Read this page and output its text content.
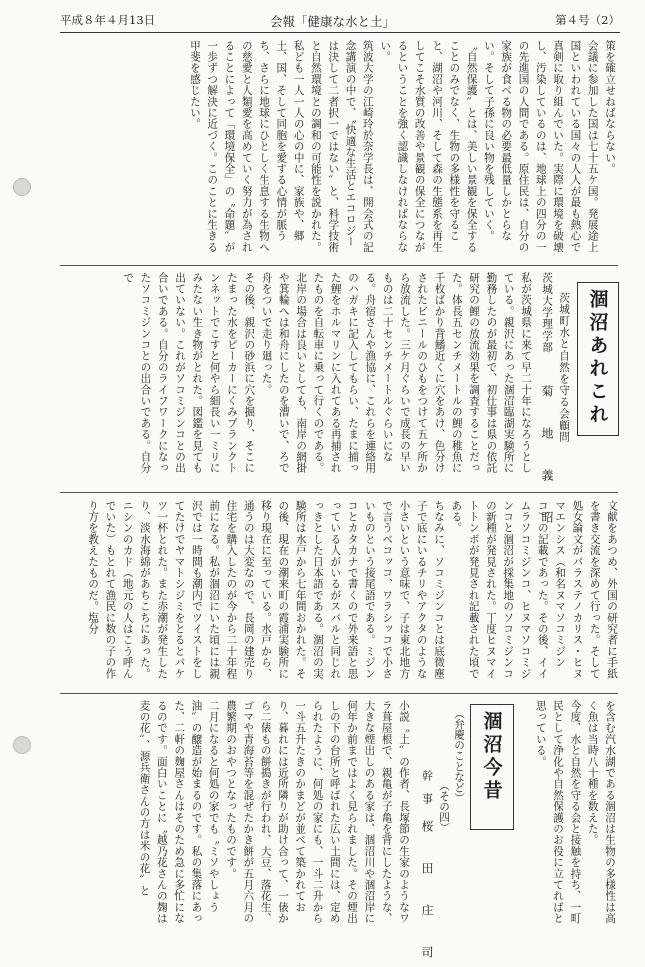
平成８年４月13日	会報「健康な水と土」	第４号（2）

策を確立せねばならない。

会議に参加した国は七十五ケ国。発展途上国といわれている国々の人人が最も熱心で真剣に取り組んでいた。実際に環境を破壊し、汚染しているのは、地球上の四分の一の先進国の人間である。原住民は、自分の家族が食べる物の必要最低量しかとらない。そして子孫に良い物を残していく。

〝自然保護〟とは、美しい景観を保全することのみでなく、生物の多様性を守ること、湖沼や河川、そして森の生態系を再生してこそ水質の改善や景観の保全につながるということを強く認識しなければならない。

筑波大学の江崎玲於奈学長は、開会式の記念講演の中で、〝快適な生活とエコロジーは決して二者択一ではない〟と、科学技術と自然環境との調和の可能性を説かれた。

私ども一人一人の心の中に、家族や、郷土、国、そして同胞を愛する心情が脈うち、さらに地球にひとしく生息する生物への慈愛と人類愛を高めていく努力が為されることによって「環境保全」の〝命題〟が一歩ずつ解決に近づく。このことに生きる甲斐を感じたい。

涸沼あれこれ
茨城町水と自然を守る会顧問
茨城大学理学部
菊　地　義　昭

私が茨城県に来て早二十年になろうとしている。親沢にあった涸沼臨湖実験所に勤務したのが最初で、初仕事は県の依託研究の鯉の放流効果を調査することだった。体長五センチメートルの鯉の稚魚に千枚ばかり背鰭近くに穴をあけ、色分けされたビニールのひもをつけて五ケ所から放流した。三ケ月ぐらいで成長の早いものは二十センチメートルぐらいになる。舟宿さんや漁協に、これらを連絡用のハガキに記入してもらい、たまに捕った鯉をホルマリンに入れてある再捕されたものを自転車に乗って行くのである。北岸の場合は良いとしても、南岸の網掛や箕輪へは和舟にしたのを漕いで、ろで舟をついで走り廻った。

その後、親沢の砂浜に穴を掘り、そこにたまった水をビーカーにくみプランクトンネットでこすと何やら細長い一ミリにみたない生き物がとれた。図鑑を見ても出ていない。これがソコミジンコとの出合いである。自分のライフワークになったソコミジンコとの出合いである。自分で

文献をあつめ、外国の研究者に手紙を書き交流を深めて行った。そして処女論文がパラステノカリス・ヒヌマエンシス（和名ヌマソコミジンコ）の記載であった。その後、イイムラソコミジンコ、ヒヌマソコミジンコと涸沼が採集地のソコミジンコの新種が発見された。丁度ヒヌマイトトンボが発見され記載された頃である。

ちなみに、ソコミジンコとは底微塵子で底にいるチリやアクタのような小さいという意味で、子は東北地方で言うベコッコ、ワラシッコで小さいものという接尾語である。ミジンコとカタカナで書くので外来語と思っている人がいるがスバルと同じれっきとした日本語である。涸沼の実験所は水戸から七年間おかれた。その後、現在の潮来町の霞浦実験所に移り現在に至っている。水戸から、通うのは大変なので、長岡の建売り住宅を購入したのが今から二十年程前になる。私が涸沼にいた頃には親沢では一時間も潮内でツイストをしてたけでヤマトシジミをとるとバケツ一杯とれた。また赤潮が発生したり、淡水海綿があちこちにあった。ニシンのカド（地元の人はこう呼んでいた）もとれて漁民に数の子の作り方を教えたものだ。塩分

を含む汽水湖である涸沼は生物の多様性は高く魚は当時八十種を数えた。

今度、水と自然を守る会と接触を持ち、一町民として浄化や自然保護のお役に立てればと思っている。

涸沼今昔
（弁慶のことなど）
（その四）
幹　事
桜　田　庄　司

小説〝土〟の作者、長塚節の生家のようなワラ葺屋根で、親亀が子亀を背にしたような、大きな煙出しのある家は、涸沼川や涸沼岸に何年か前まではよく見られました。その煙出しの下の台所と呼ばれた広い土間には、定められたように、何処の家にも、一斗二升から一斗五升たきのかまどが並べて築かれており、暮れには近所隣りが助け合って、一俵から二俵もの餅搗きが行われ、大豆、落花生、ゴマや青海苔等を混ぜたかき餅が五月六月の農繁期のおやつとなったものです。

二月になると何処の家でも〝ミソやしょう油〟の醸造が始まるのです。私の集落にあった、二軒の麹屋さんはそのため急に多忙になるのです。面白いことに〝越乃花さんの麹は麦の花〟、源兵衛さんの方は米の花〟と
